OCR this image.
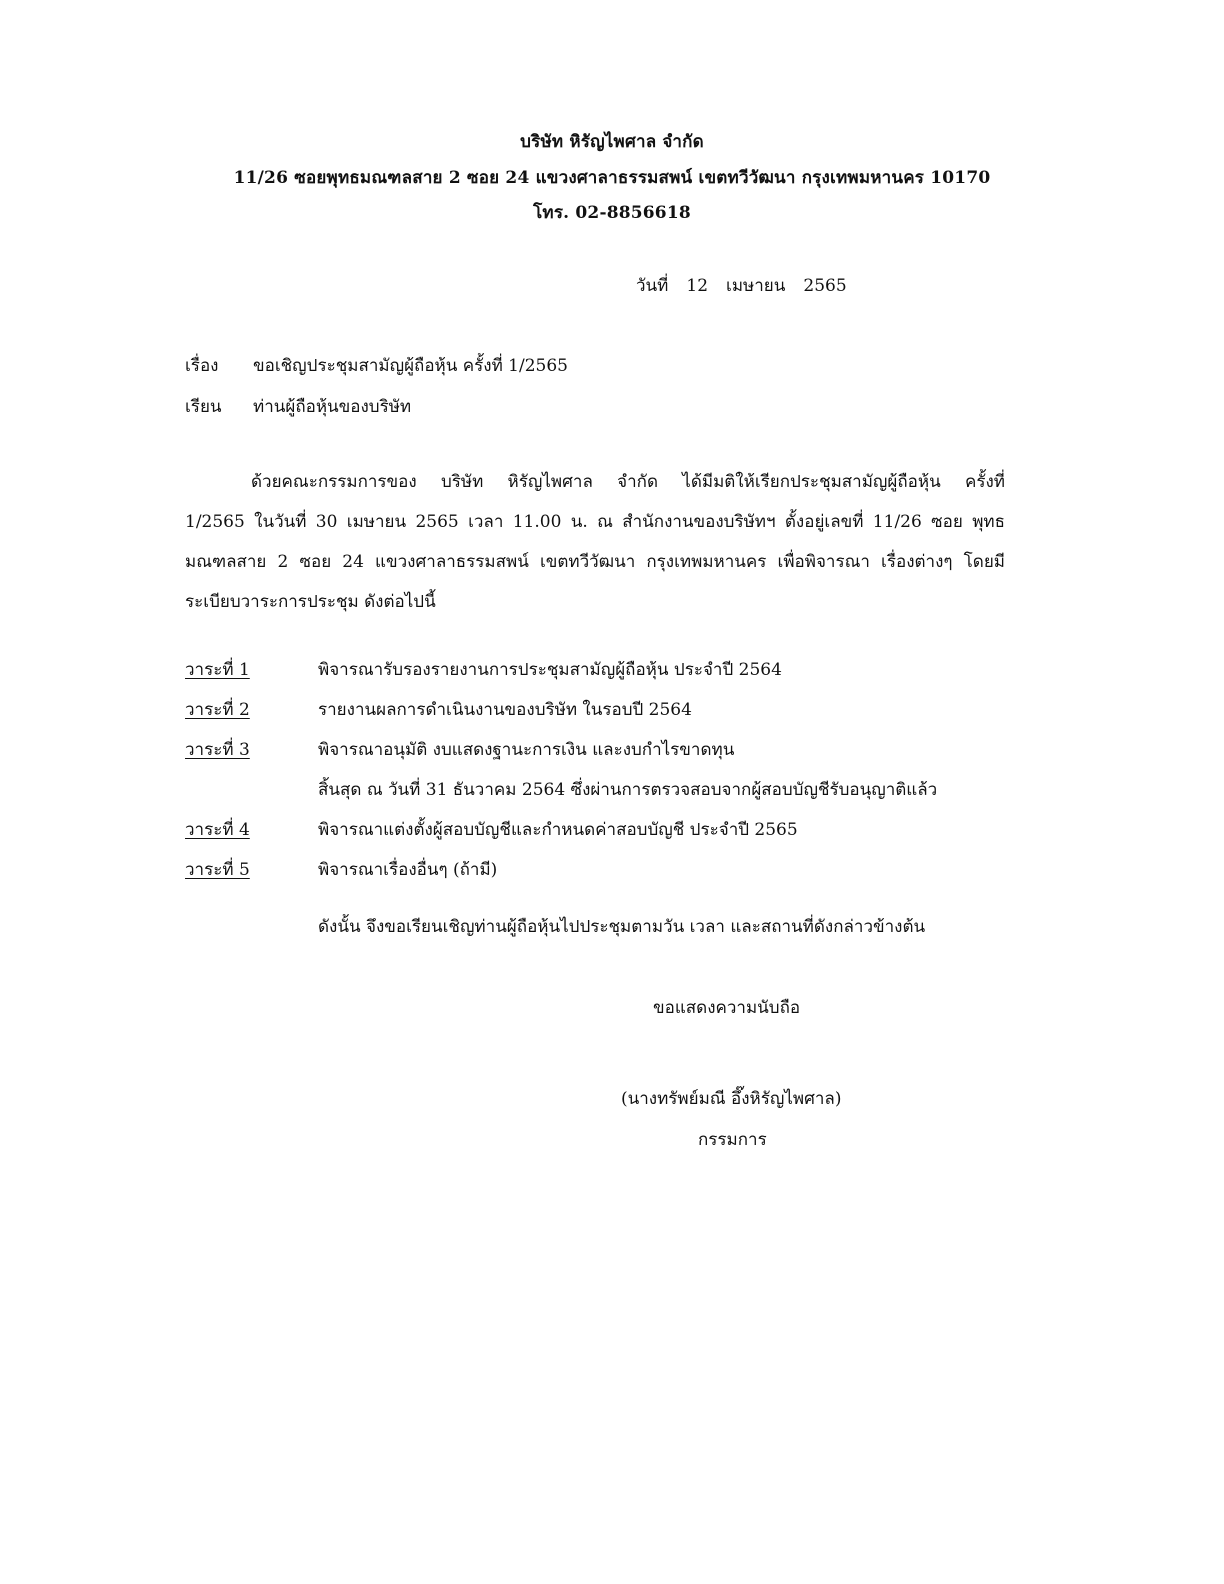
บริษัท หิรัญไพศาล จำกัด
11/26 ซอยพุทธมณฑลสาย 2 ซอย 24 แขวงศาลาธรรมสพน์ เขตทวีวัฒนา กรุงเทพมหานคร 10170
โทร. 02-8856618
วันที่ 12 เมษายน 2565
เรื่อง ขอเชิญประชุมสามัญผู้ถือหุ้น ครั้งที่ 1/2565
เรียน ท่านผู้ถือหุ้นของบริษัท
ด้วยคณะกรรมการของ บริษัท หิรัญไพศาล จำกัด ได้มีมติให้เรียกประชุมสามัญผู้ถือหุ้น ครั้งที่
1/2565 ในวันที่ 30 เมษายน 2565 เวลา 11.00 น. ณ สำนักงานของบริษัทฯ ตั้งอยู่เลขที่ 11/26 ซอย พุทธ
มณฑลสาย 2 ซอย 24 แขวงศาลาธรรมสพน์ เขตทวีวัฒนา กรุงเทพมหานคร เพื่อพิจารณา เรื่องต่างๆ โดยมี
ระเบียบวาระการประชุม ดังต่อไปนี้
วาระที่ 1	พิจารณารับรองรายงานการประชุมสามัญผู้ถือหุ้น ประจำปี 2564
วาระที่ 2	รายงานผลการดำเนินงานของบริษัท ในรอบปี 2564
วาระที่ 3	พิจารณาอนุมัติ งบแสดงฐานะการเงิน และงบกำไรขาดทุน
สิ้นสุด ณ วันที่ 31 ธันวาคม 2564 ซึ่งผ่านการตรวจสอบจากผู้สอบบัญชีรับอนุญาติแล้ว
วาระที่ 4	พิจารณาแต่งตั้งผู้สอบบัญชีและกำหนดค่าสอบบัญชี ประจำปี 2565
วาระที่ 5	พิจารณาเรื่องอื่นๆ (ถ้ามี)
ดังนั้น จึงขอเรียนเชิญท่านผู้ถือหุ้นไปประชุมตามวัน เวลา และสถานที่ดังกล่าวข้างต้น
ขอแสดงความนับถือ
(นางทรัพย์มณี อึ๊งหิรัญไพศาล)
กรรมการ
